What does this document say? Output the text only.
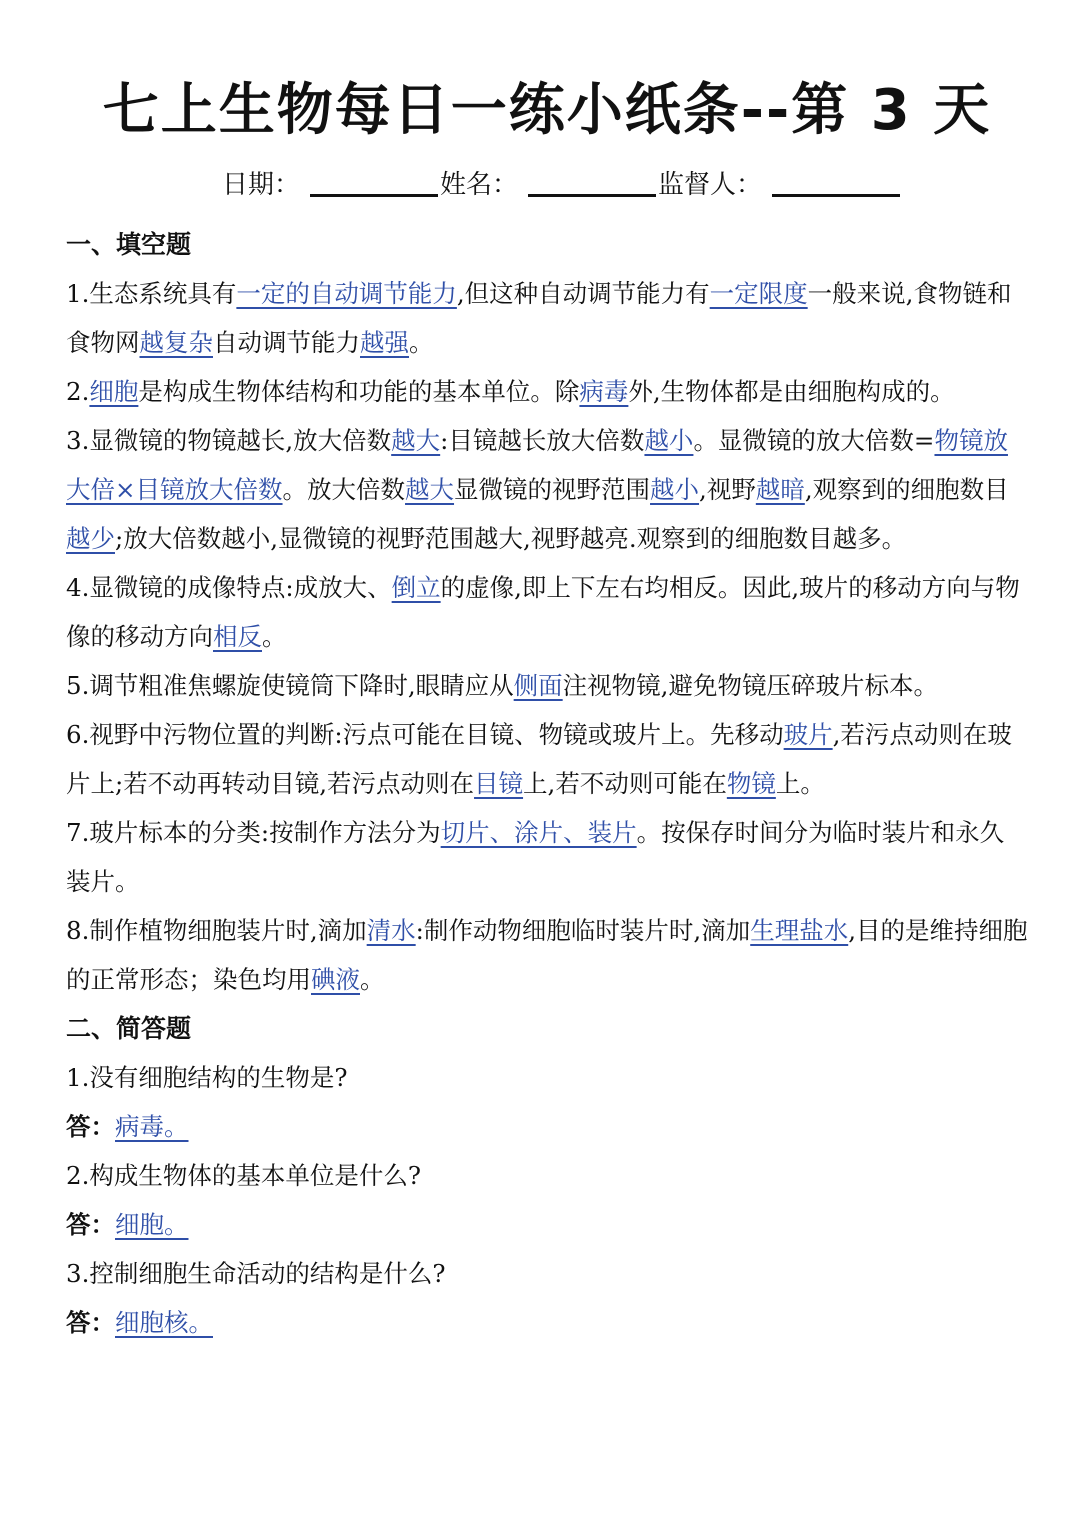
七上生物每日一练小纸条--第 3 天
日期：	姓名：	监督人：
一、填空题

1.生态系统具有一定的自动调节能力,但这种自动调节能力有一定限度一般来说,食物链和食物网越复杂自动调节能力越强。

2.细胞是构成生物体结构和功能的基本单位。除病毒外,生物体都是由细胞构成的。

3.显微镜的物镜越长,放大倍数越大:目镜越长放大倍数越小。显微镜的放大倍数=物镜放大倍×目镜放大倍数。放大倍数越大显微镜的视野范围越小,视野越暗,观察到的细胞数目越少;放大倍数越小,显微镜的视野范围越大,视野越亮.观察到的细胞数目越多。

4.显微镜的成像特点:成放大、倒立的虚像,即上下左右均相反。因此,玻片的移动方向与物像的移动方向相反。

5.调节粗准焦螺旋使镜筒下降时,眼睛应从侧面注视物镜,避免物镜压碎玻片标本。

6.视野中污物位置的判断:污点可能在目镜、物镜或玻片上。先移动玻片,若污点动则在玻片上;若不动再转动目镜,若污点动则在目镜上,若不动则可能在物镜上。

7.玻片标本的分类:按制作方法分为切片、涂片、装片。按保存时间分为临时装片和永久装片。

8.制作植物细胞装片时,滴加清水:制作动物细胞临时装片时,滴加生理盐水,目的是维持细胞的正常形态；染色均用碘液。

二、简答题
1.没有细胞结构的生物是?
答：病毒。
2.构成生物体的基本单位是什么?
答：细胞。
3.控制细胞生命活动的结构是什么?
答：细胞核。
